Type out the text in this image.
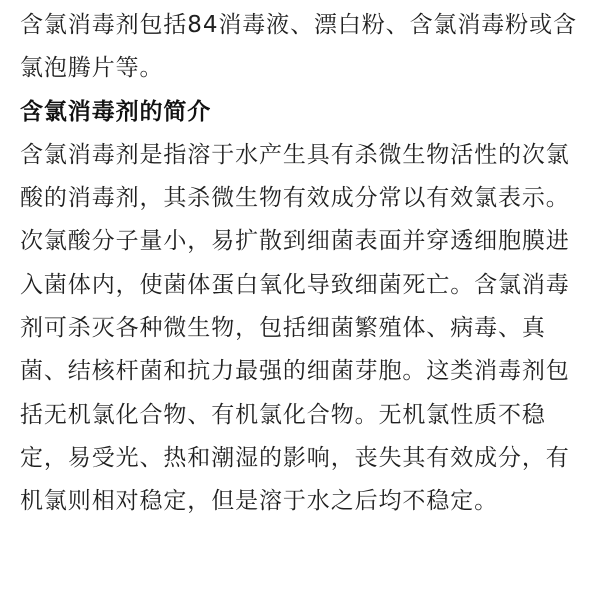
含氯消毒剂包括84消毒液、漂白粉、含氯消毒粉或含氯泡腾片等。

含氯消毒剂的简介

含氯消毒剂是指溶于水产生具有杀微生物活性的次氯酸的消毒剂，其杀微生物有效成分常以有效氯表示。次氯酸分子量小，易扩散到细菌表面并穿透细胞膜进入菌体内，使菌体蛋白氧化导致细菌死亡。含氯消毒剂可杀灭各种微生物，包括细菌繁殖体、病毒、真菌、结核杆菌和抗力最强的细菌芽胞。这类消毒剂包括无机氯化合物、有机氯化合物。无机氯性质不稳定，易受光、热和潮湿的影响，丧失其有效成分，有机氯则相对稳定，但是溶于水之后均不稳定。
